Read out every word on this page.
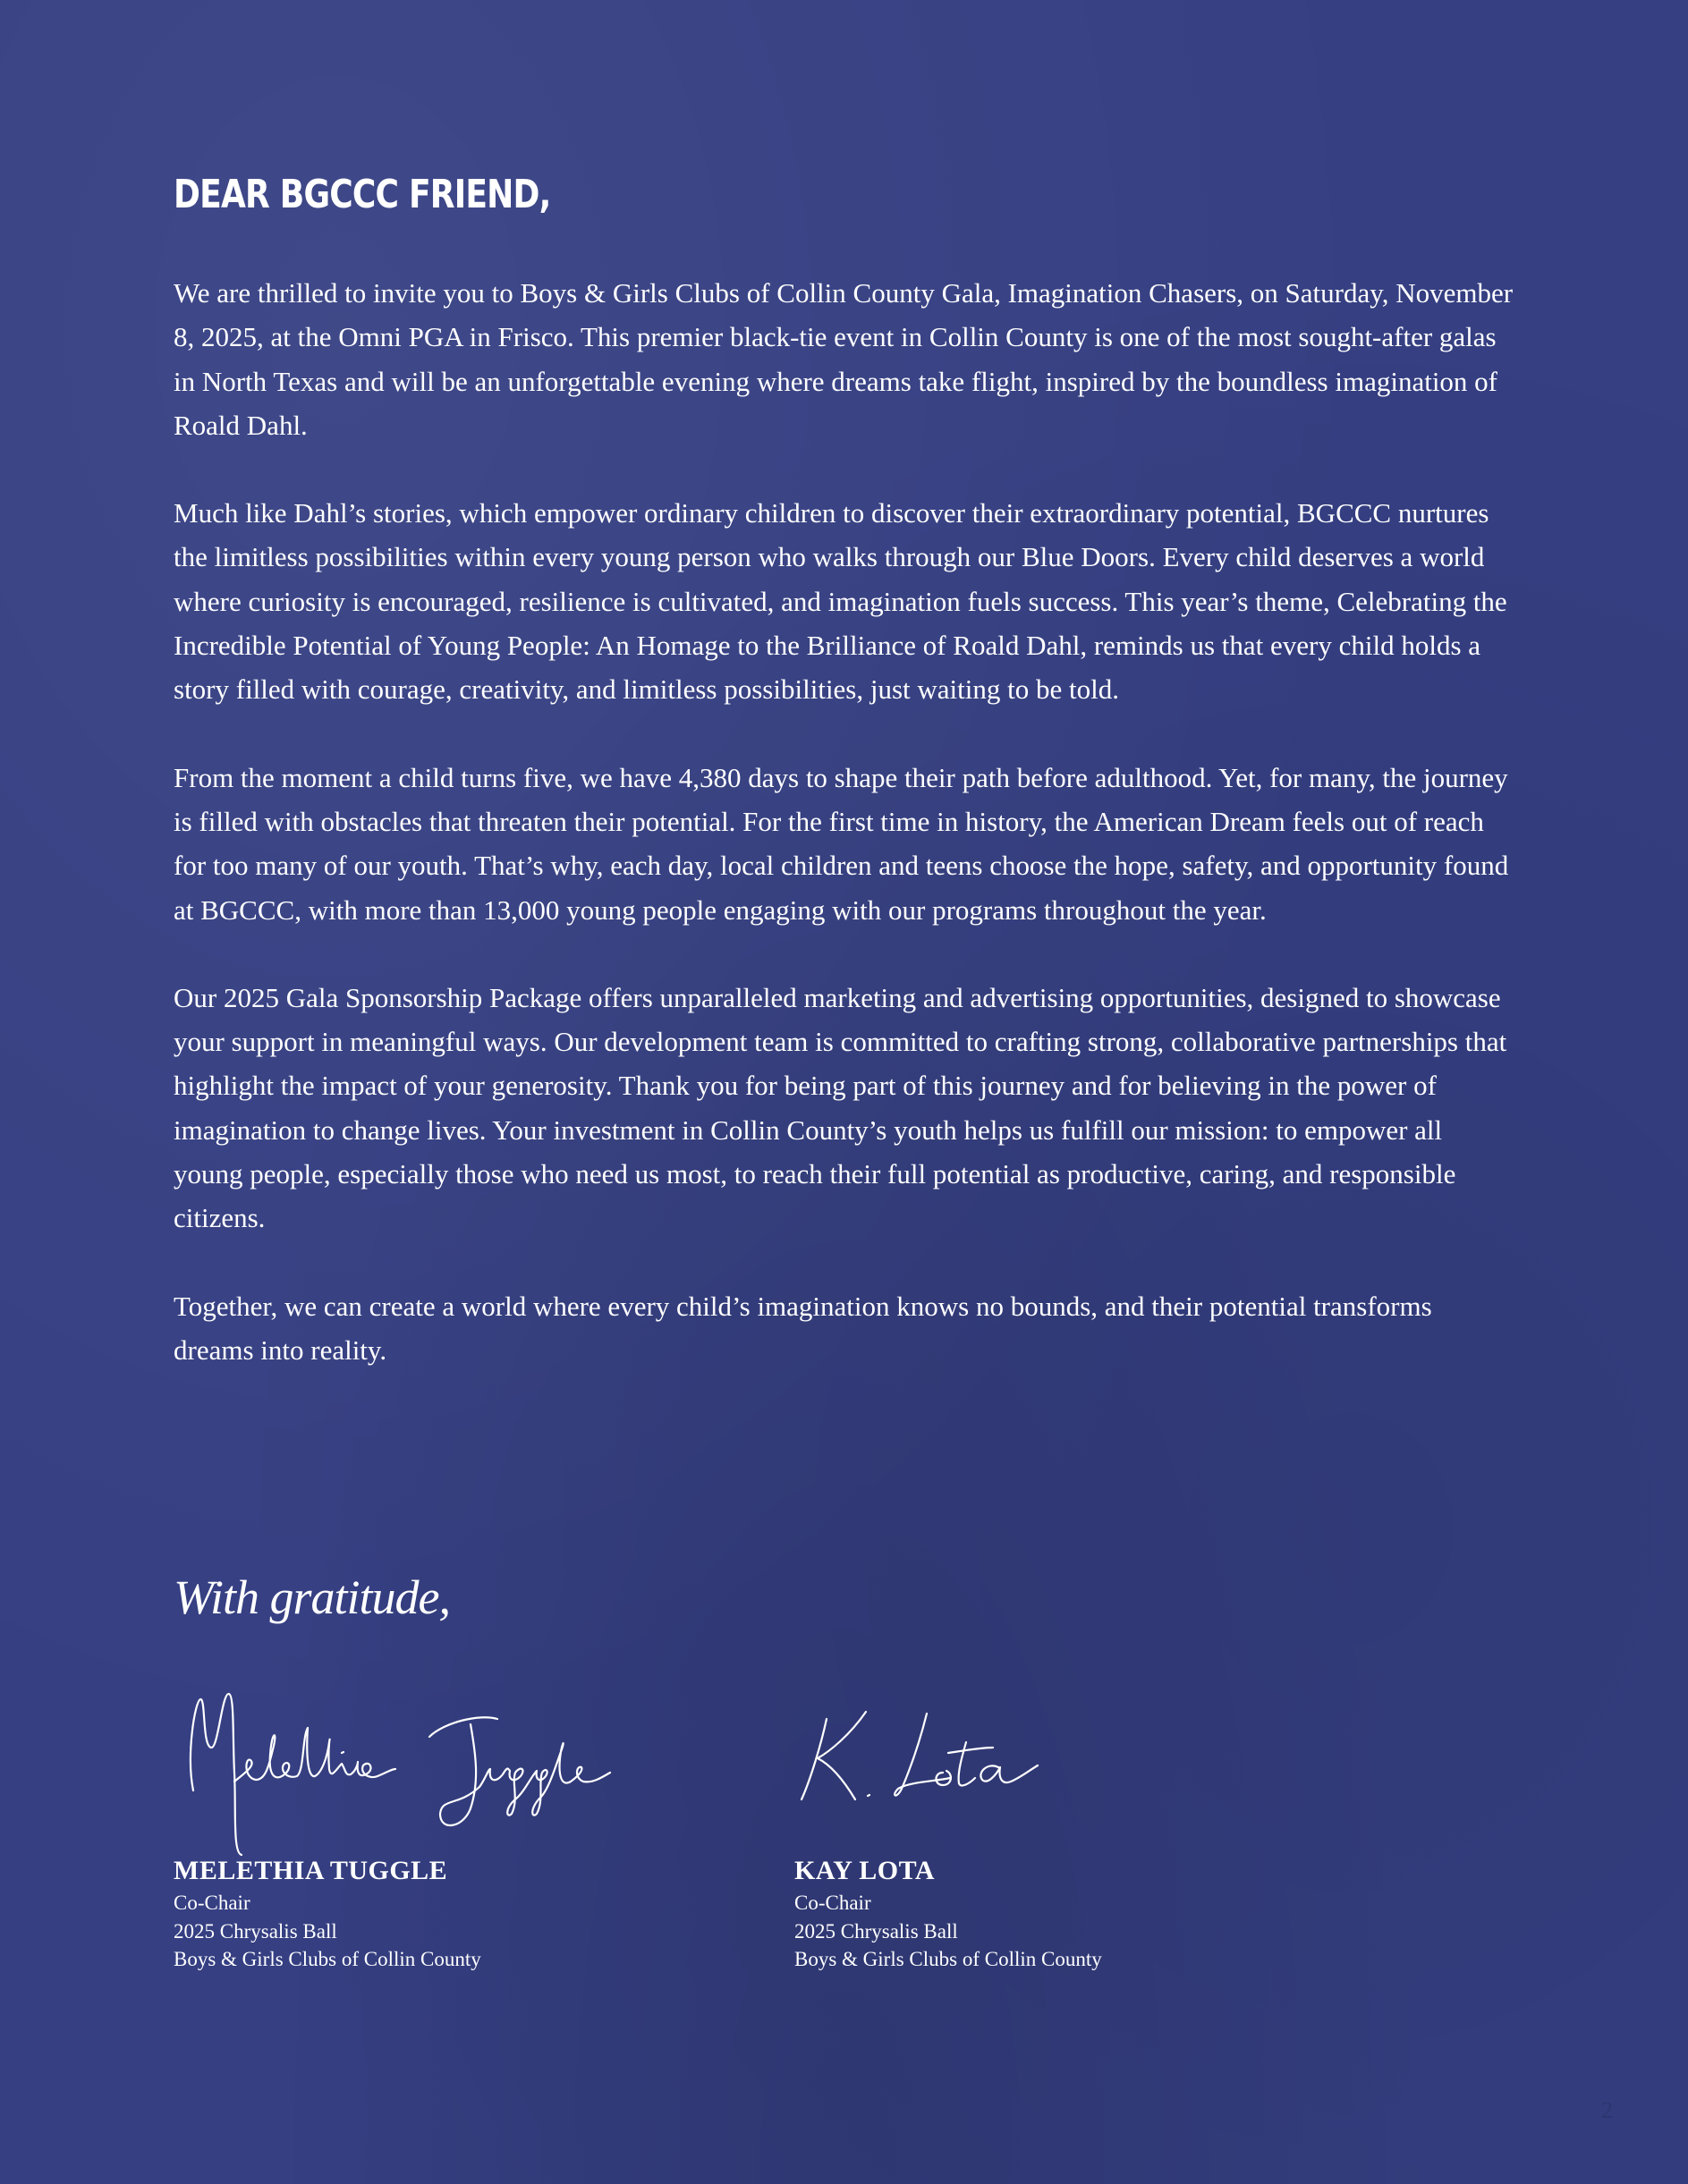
DEAR BGCCC FRIEND,

We are thrilled to invite you to Boys & Girls Clubs of Collin County Gala, Imagination Chasers, on Saturday, November 8, 2025, at the Omni PGA in Frisco. This premier black-tie event in Collin County is one of the most sought-after galas in North Texas and will be an unforgettable evening where dreams take flight, inspired by the boundless imagination of Roald Dahl.

Much like Dahl’s stories, which empower ordinary children to discover their extraordinary potential, BGCCC nurtures the limitless possibilities within every young person who walks through our Blue Doors. Every child deserves a world where curiosity is encouraged, resilience is cultivated, and imagination fuels success. This year’s theme, Celebrating the Incredible Potential of Young People: An Homage to the Brilliance of Roald Dahl, reminds us that every child holds a story filled with courage, creativity, and limitless possibilities, just waiting to be told.

From the moment a child turns five, we have 4,380 days to shape their path before adulthood. Yet, for many, the journey is filled with obstacles that threaten their potential. For the first time in history, the American Dream feels out of reach for too many of our youth. That’s why, each day, local children and teens choose the hope, safety, and opportunity found at BGCCC, with more than 13,000 young people engaging with our programs throughout the year.

Our 2025 Gala Sponsorship Package offers unparalleled marketing and advertising opportunities, designed to showcase your support in meaningful ways. Our development team is committed to crafting strong, collaborative partnerships that highlight the impact of your generosity. Thank you for being part of this journey and for believing in the power of imagination to change lives. Your investment in Collin County’s youth helps us fulfill our mission: to empower all young people, especially those who need us most, to reach their full potential as productive, caring, and responsible citizens.

Together, we can create a world where every child’s imagination knows no bounds, and their potential transforms dreams into reality.

With gratitude,
MELETHIA TUGGLE
Co-Chair
2025 Chrysalis Ball
Boys & Girls Clubs of Collin County
KAY LOTA
Co-Chair
2025 Chrysalis Ball
Boys & Girls Clubs of Collin County
2
